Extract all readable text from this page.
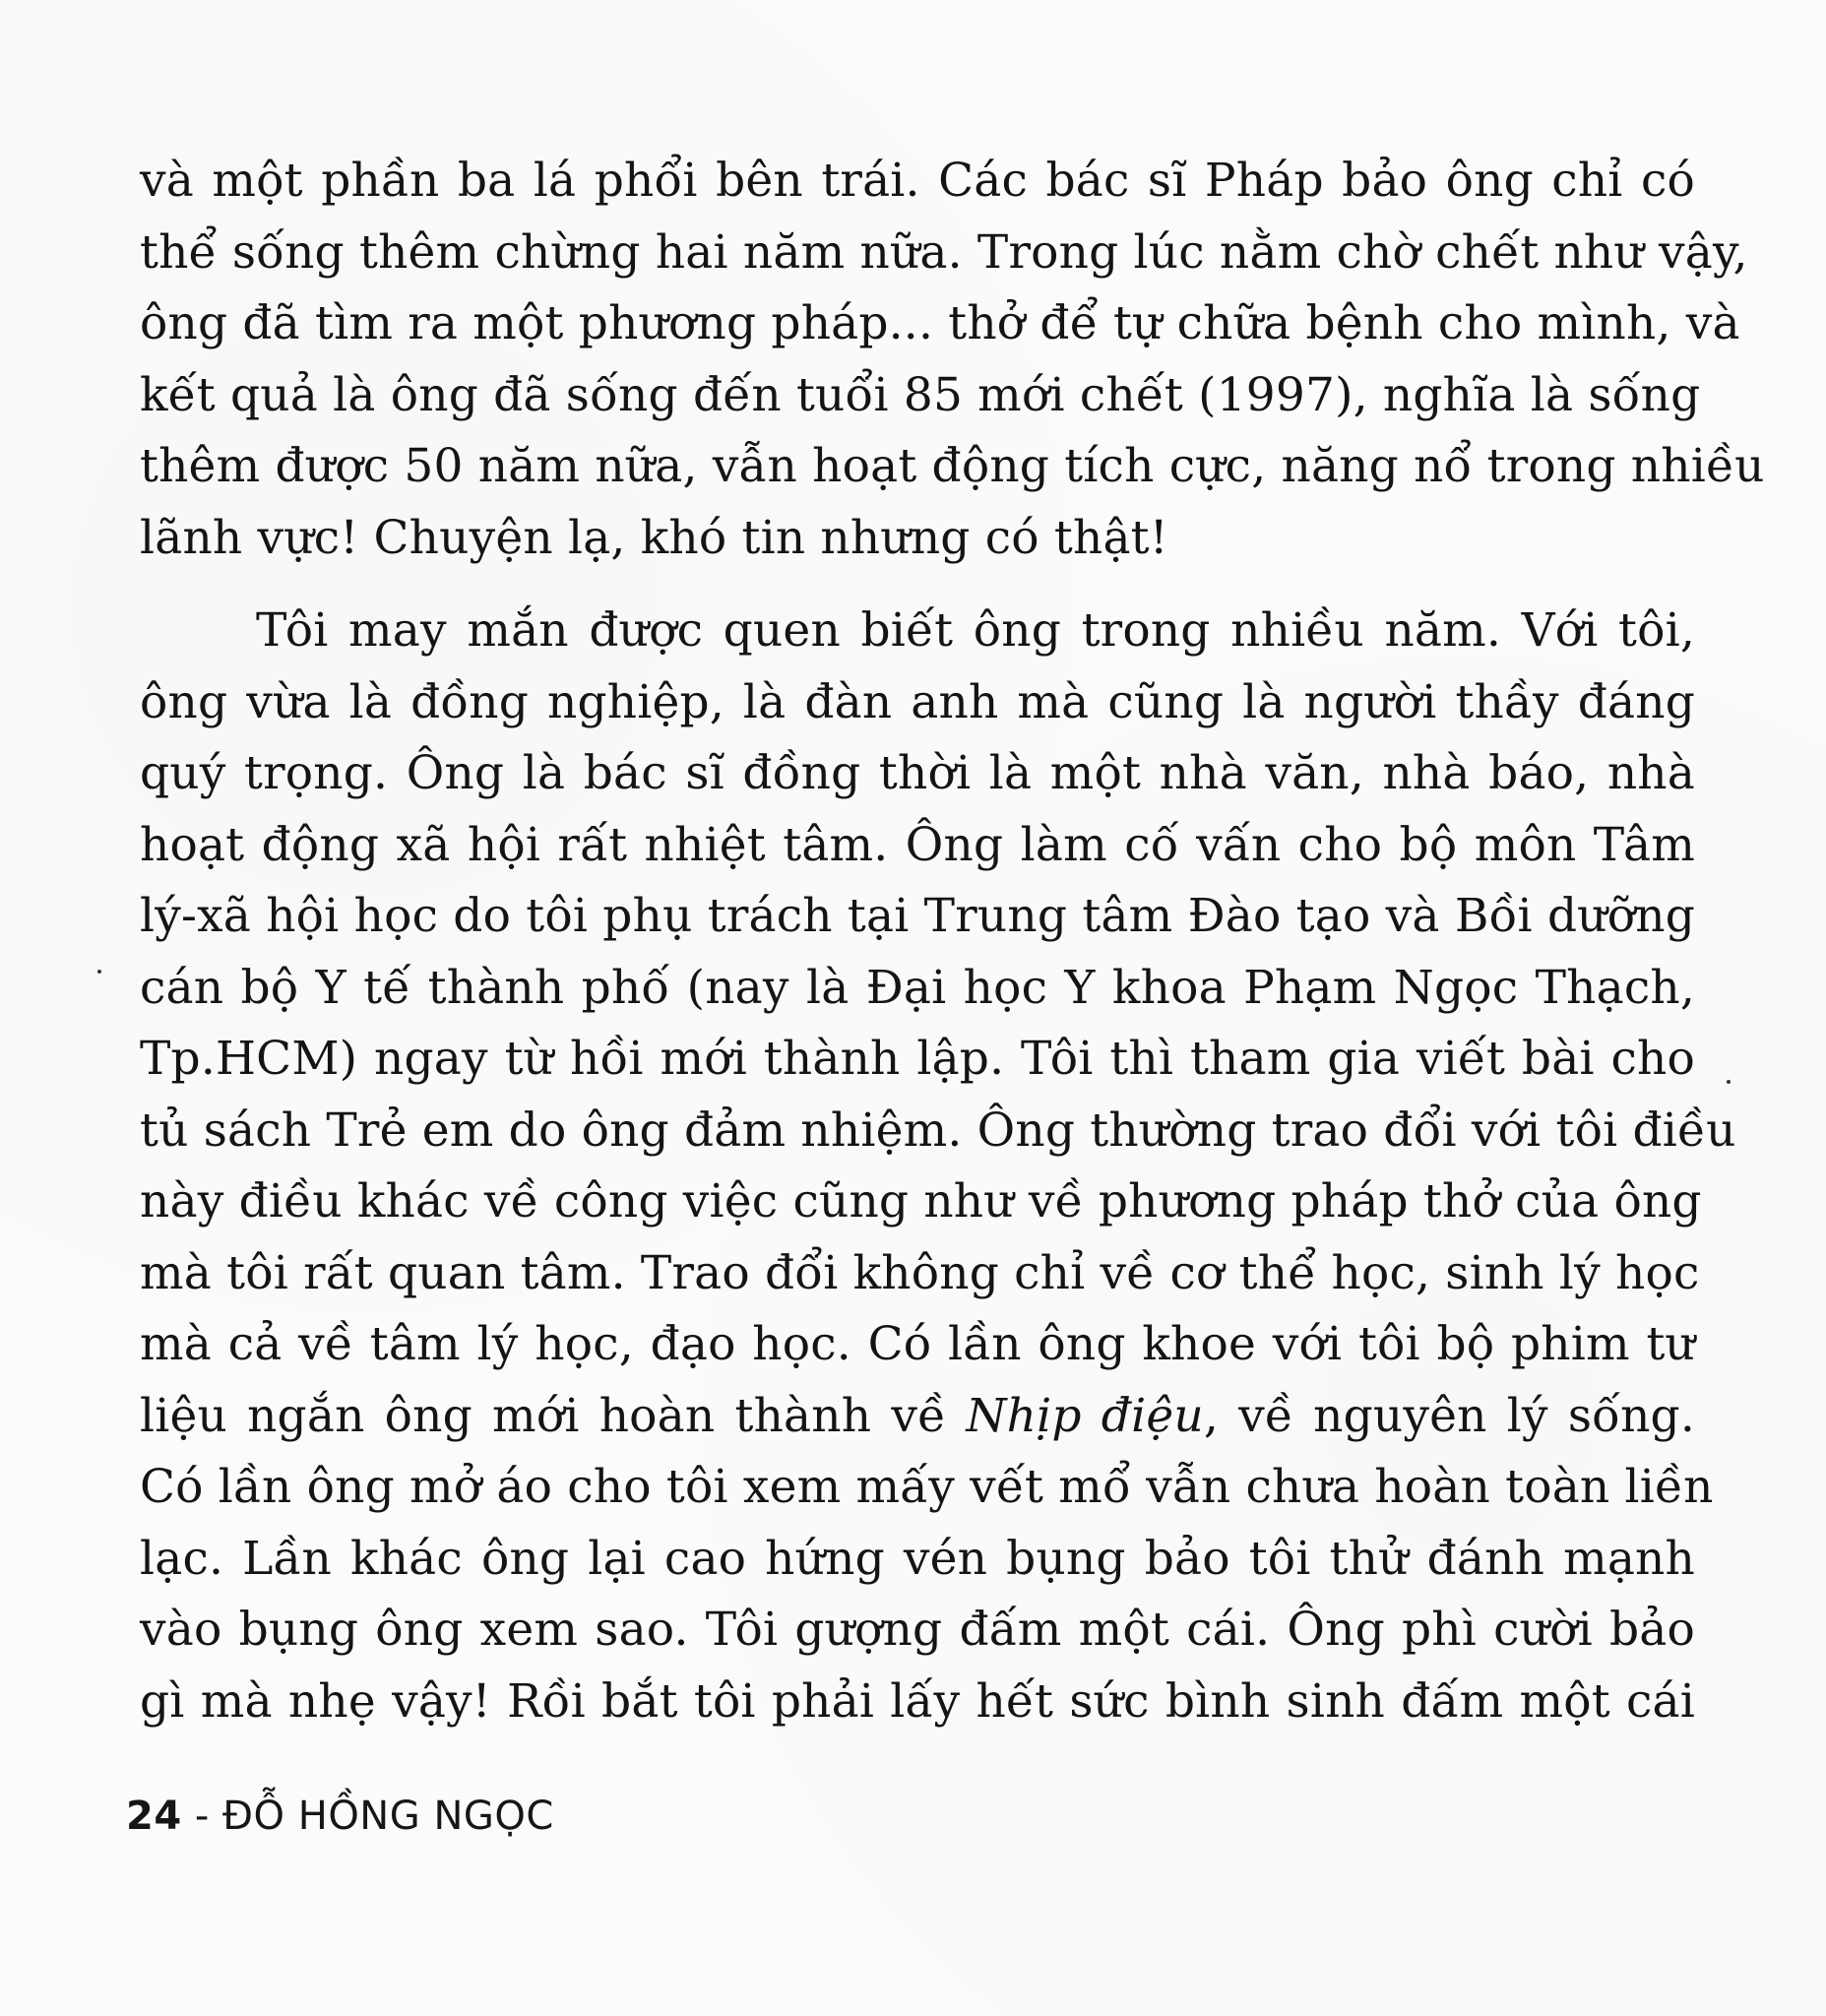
và một phần ba lá phổi bên trái. Các bác sĩ Pháp bảo ông chỉ có
thể sống thêm chừng hai năm nữa. Trong lúc nằm chờ chết như vậy,
ông đã tìm ra một phương pháp... thở để tự chữa bệnh cho mình, và
kết quả là ông đã sống đến tuổi 85 mới chết (1997), nghĩa là sống
thêm được 50 năm nữa, vẫn hoạt động tích cực, năng nổ trong nhiều
lãnh vực! Chuyện lạ, khó tin nhưng có thật!
Tôi may mắn được quen biết ông trong nhiều năm. Với tôi,
ông vừa là đồng nghiệp, là đàn anh mà cũng là người thầy đáng
quý trọng. Ông là bác sĩ đồng thời là một nhà văn, nhà báo, nhà
hoạt động xã hội rất nhiệt tâm. Ông làm cố vấn cho bộ môn Tâm
lý-xã hội học do tôi phụ trách tại Trung tâm Đào tạo và Bồi dưỡng
cán bộ Y tế thành phố (nay là Đại học Y khoa Phạm Ngọc Thạch,
Tp.HCM) ngay từ hồi mới thành lập. Tôi thì tham gia viết bài cho
tủ sách Trẻ em do ông đảm nhiệm. Ông thường trao đổi với tôi điều
này điều khác về công việc cũng như về phương pháp thở của ông
mà tôi rất quan tâm. Trao đổi không chỉ về cơ thể học, sinh lý học
mà cả về tâm lý học, đạo học. Có lần ông khoe với tôi bộ phim tư
liệu ngắn ông mới hoàn thành về Nhịp điệu, về nguyên lý sống.
Có lần ông mở áo cho tôi xem mấy vết mổ vẫn chưa hoàn toàn liền
lạc. Lần khác ông lại cao hứng vén bụng bảo tôi thử đánh mạnh
vào bụng ông xem sao. Tôi gượng đấm một cái. Ông phì cười bảo
gì mà nhẹ vậy! Rồi bắt tôi phải lấy hết sức bình sinh đấm một cái
24 - ĐỖ HỒNG NGỌC
